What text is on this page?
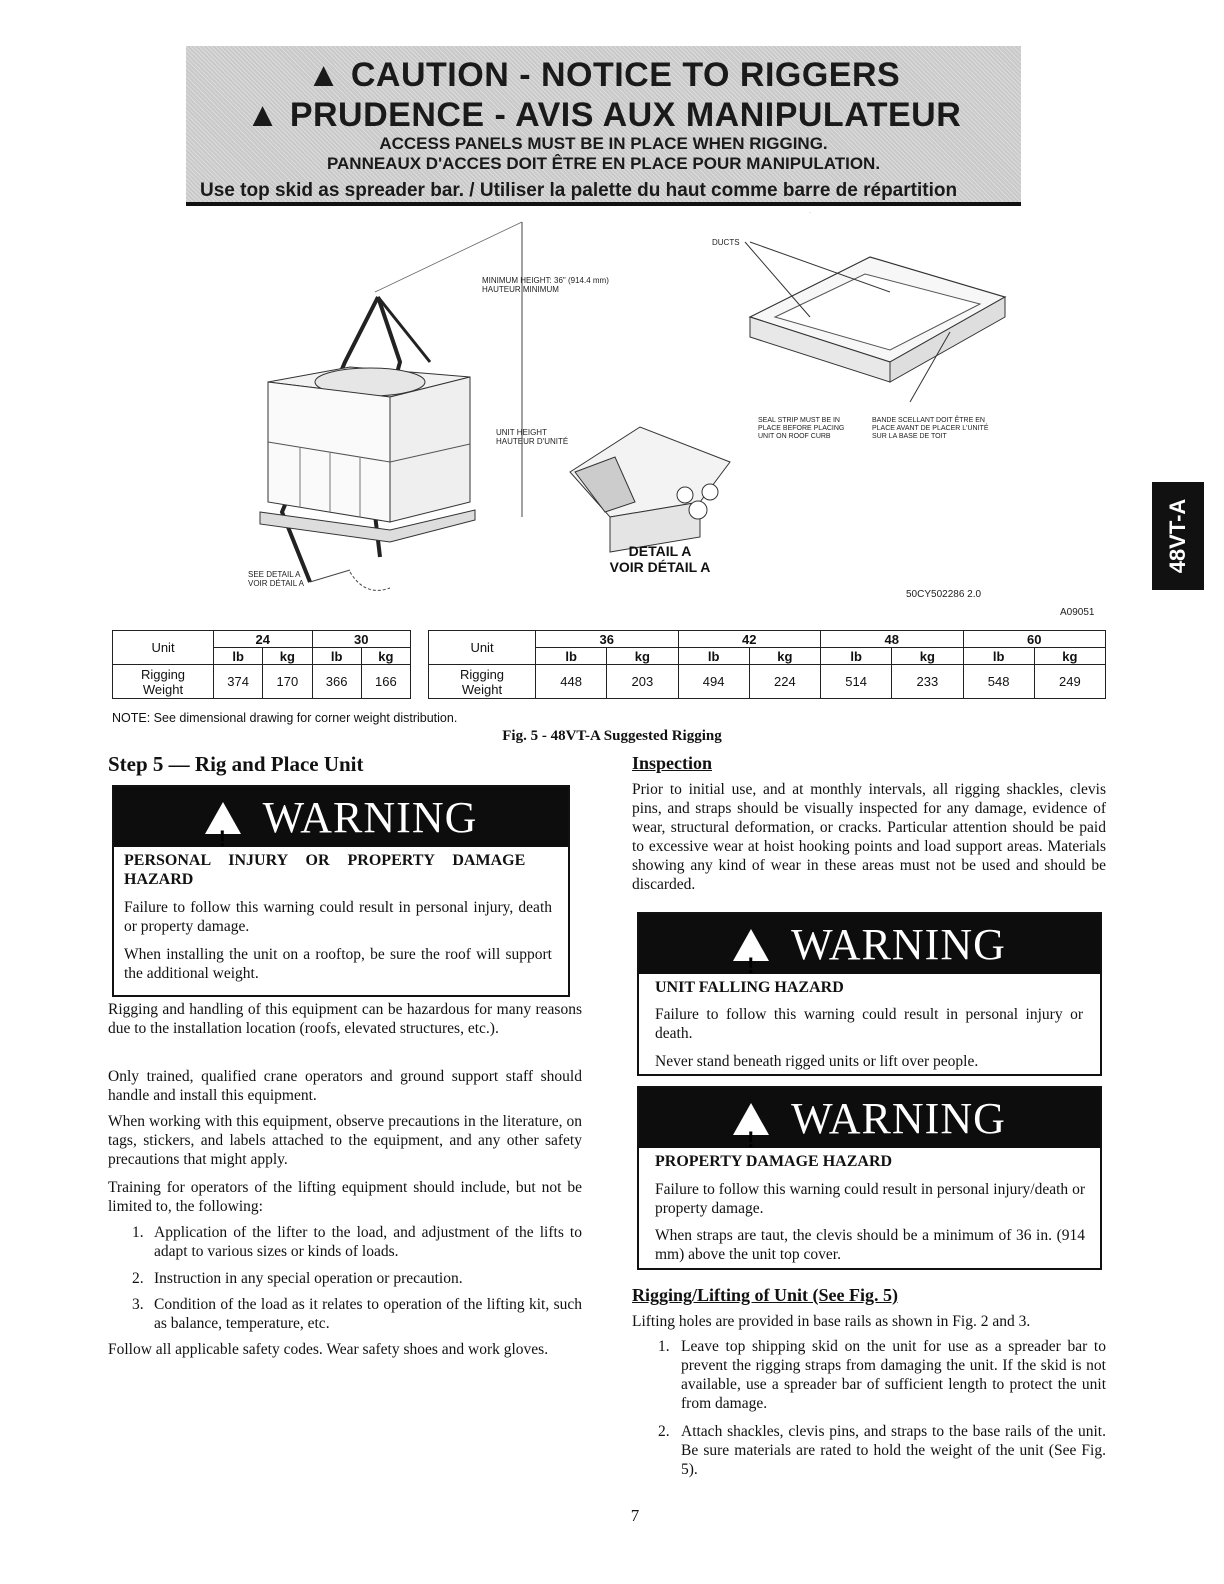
▲ CAUTION - NOTICE TO RIGGERS
▲ PRUDENCE - AVIS AUX MANIPULATEUR
ACCESS PANELS MUST BE IN PLACE WHEN RIGGING.
PANNEAUX D'ACCES DOIT ÊTRE EN PLACE POUR MANIPULATION.
Use top skid as spreader bar. / Utiliser la palette du haut comme barre de répartition
48VT-A
MINIMUM HEIGHT: 36" (914.4 mm)
HAUTEUR MINIMUM
UNIT HEIGHT
HAUTEUR D'UNITÉ
SEE DETAIL A
VOIR DÉTAIL A
DUCTS
SEAL STRIP MUST BE IN PLACE BEFORE PLACING UNIT ON ROOF CURB
BANDE SCELLANT DOIT ÊTRE EN PLACE AVANT DE PLACER L'UNITÉ SUR LA BASE DE TOIT
DETAIL A
VOIR DÉTAIL A
50CY502286 2.0
A09051
Unit	24		30	
	lb	kg	lb	kg

Rigging
Weight	374	170	366	166
Unit	36		42		48		60	
	lb	kg	lb	kg	lb	kg	lb	kg

Rigging
Weight	448	203	494	224	514	233	548	249
NOTE: See dimensional drawing for corner weight distribution.
Fig. 5 - 48VT-A Suggested Rigging
Step 5 — Rig and Place Unit
!WARNING
PERSONAL INJURY OR PROPERTY DAMAGE HAZARD
Failure to follow this warning could result in personal injury, death or property damage.
When installing the unit on a rooftop, be sure the roof will support the additional weight.
Rigging and handling of this equipment can be hazardous for many reasons due to the installation location (roofs, elevated structures, etc.).
Only trained, qualified crane operators and ground support staff should handle and install this equipment.
When working with this equipment, observe precautions in the literature, on tags, stickers, and labels attached to the equipment, and any other safety precautions that might apply.
Training for operators of the lifting equipment should include, but not be limited to, the following:
1. Application of the lifter to the load, and adjustment of the lifts to adapt to various sizes or kinds of loads.
2. Instruction in any special operation or precaution.
3. Condition of the load as it relates to operation of the lifting kit, such as balance, temperature, etc.
Follow all applicable safety codes. Wear safety shoes and work gloves.
Inspection
Prior to initial use, and at monthly intervals, all rigging shackles, clevis pins, and straps should be visually inspected for any damage, evidence of wear, structural deformation, or cracks. Particular attention should be paid to excessive wear at hoist hooking points and load support areas. Materials showing any kind of wear in these areas must not be used and should be discarded.
!WARNING
UNIT FALLING HAZARD
Failure to follow this warning could result in personal injury or death.
Never stand beneath rigged units or lift over people.
!WARNING
PROPERTY DAMAGE HAZARD
Failure to follow this warning could result in personal injury/death or property damage.
When straps are taut, the clevis should be a minimum of 36 in. (914 mm) above the unit top cover.
Rigging/Lifting of Unit (See Fig. 5)
Lifting holes are provided in base rails as shown in Fig. 2 and 3.
1. Leave top shipping skid on the unit for use as a spreader bar to prevent the rigging straps from damaging the unit. If the skid is not available, use a spreader bar of sufficient length to protect the unit from damage.
2. Attach shackles, clevis pins, and straps to the base rails of the unit. Be sure materials are rated to hold the weight of the unit (See Fig. 5).
7
